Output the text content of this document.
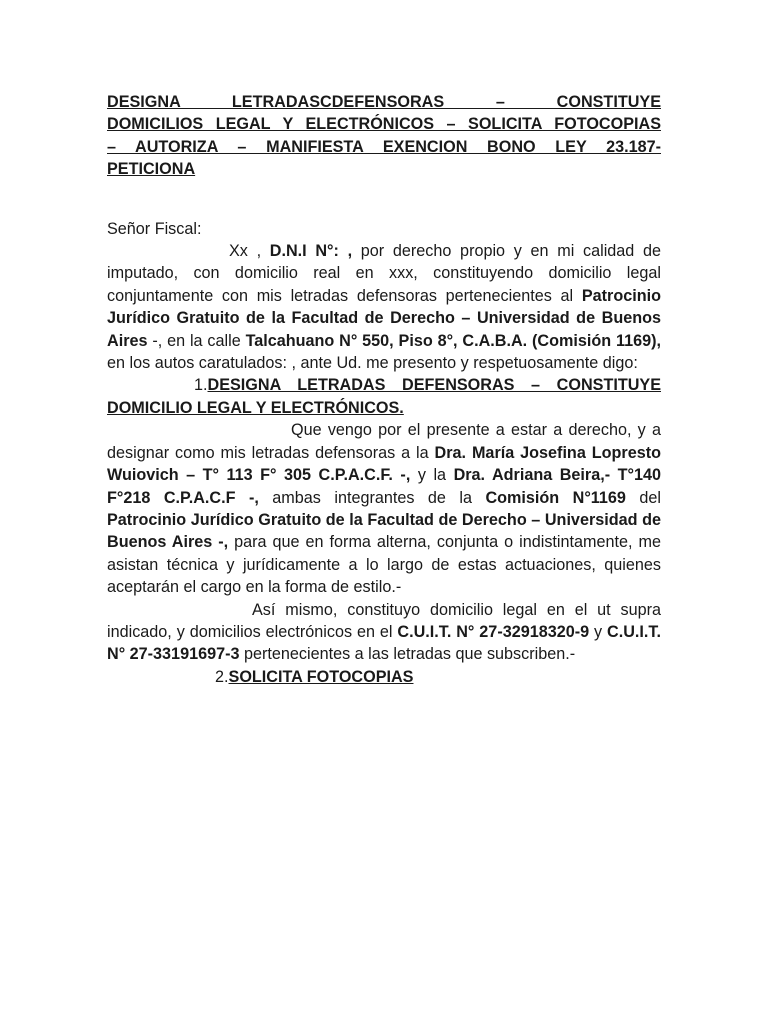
DESIGNA LETRADASCDEFENSORAS – CONSTITUYE
DOMICILIOS LEGAL Y ELECTRÓNICOS – SOLICITA FOTOCOPIAS
– AUTORIZA – MANIFIESTA EXENCION BONO LEY 23.187-
PETICIONA

Señor Fiscal:

Xx , D.N.I N°: , por derecho propio y en mi calidad de imputado, con domicilio real en xxx, constituyendo domicilio legal conjuntamente con mis letradas defensoras pertenecientes al Patrocinio Jurídico Gratuito de la Facultad de Derecho – Universidad de Buenos Aires -, en la calle Talcahuano N° 550, Piso 8°, C.A.B.A. (Comisión 1169), en los autos caratulados: , ante Ud. me presento y respetuosamente digo:

1.DESIGNA LETRADAS DEFENSORAS – CONSTITUYE DOMICILIO LEGAL Y ELECTRÓNICOS.

Que vengo por el presente a estar a derecho, y a designar como mis letradas defensoras a la Dra. María Josefina Lopresto Wuiovich – T° 113 F° 305 C.P.A.C.F. -, y la Dra. Adriana Beira,- T°140 F°218 C.P.A.C.F -, ambas integrantes de la Comisión N°1169 del Patrocinio Jurídico Gratuito de la Facultad de Derecho – Universidad de Buenos Aires -, para que en forma alterna, conjunta o indistintamente, me asistan técnica y jurídicamente a lo largo de estas actuaciones, quienes aceptarán el cargo en la forma de estilo.-

Así mismo, constituyo domicilio legal en el ut supra indicado, y domicilios electrónicos en el C.U.I.T. N° 27-32918320-9 y C.U.I.T. N° 27-33191697-3 pertenecientes a las letradas que subscriben.-

2.SOLICITA FOTOCOPIAS
